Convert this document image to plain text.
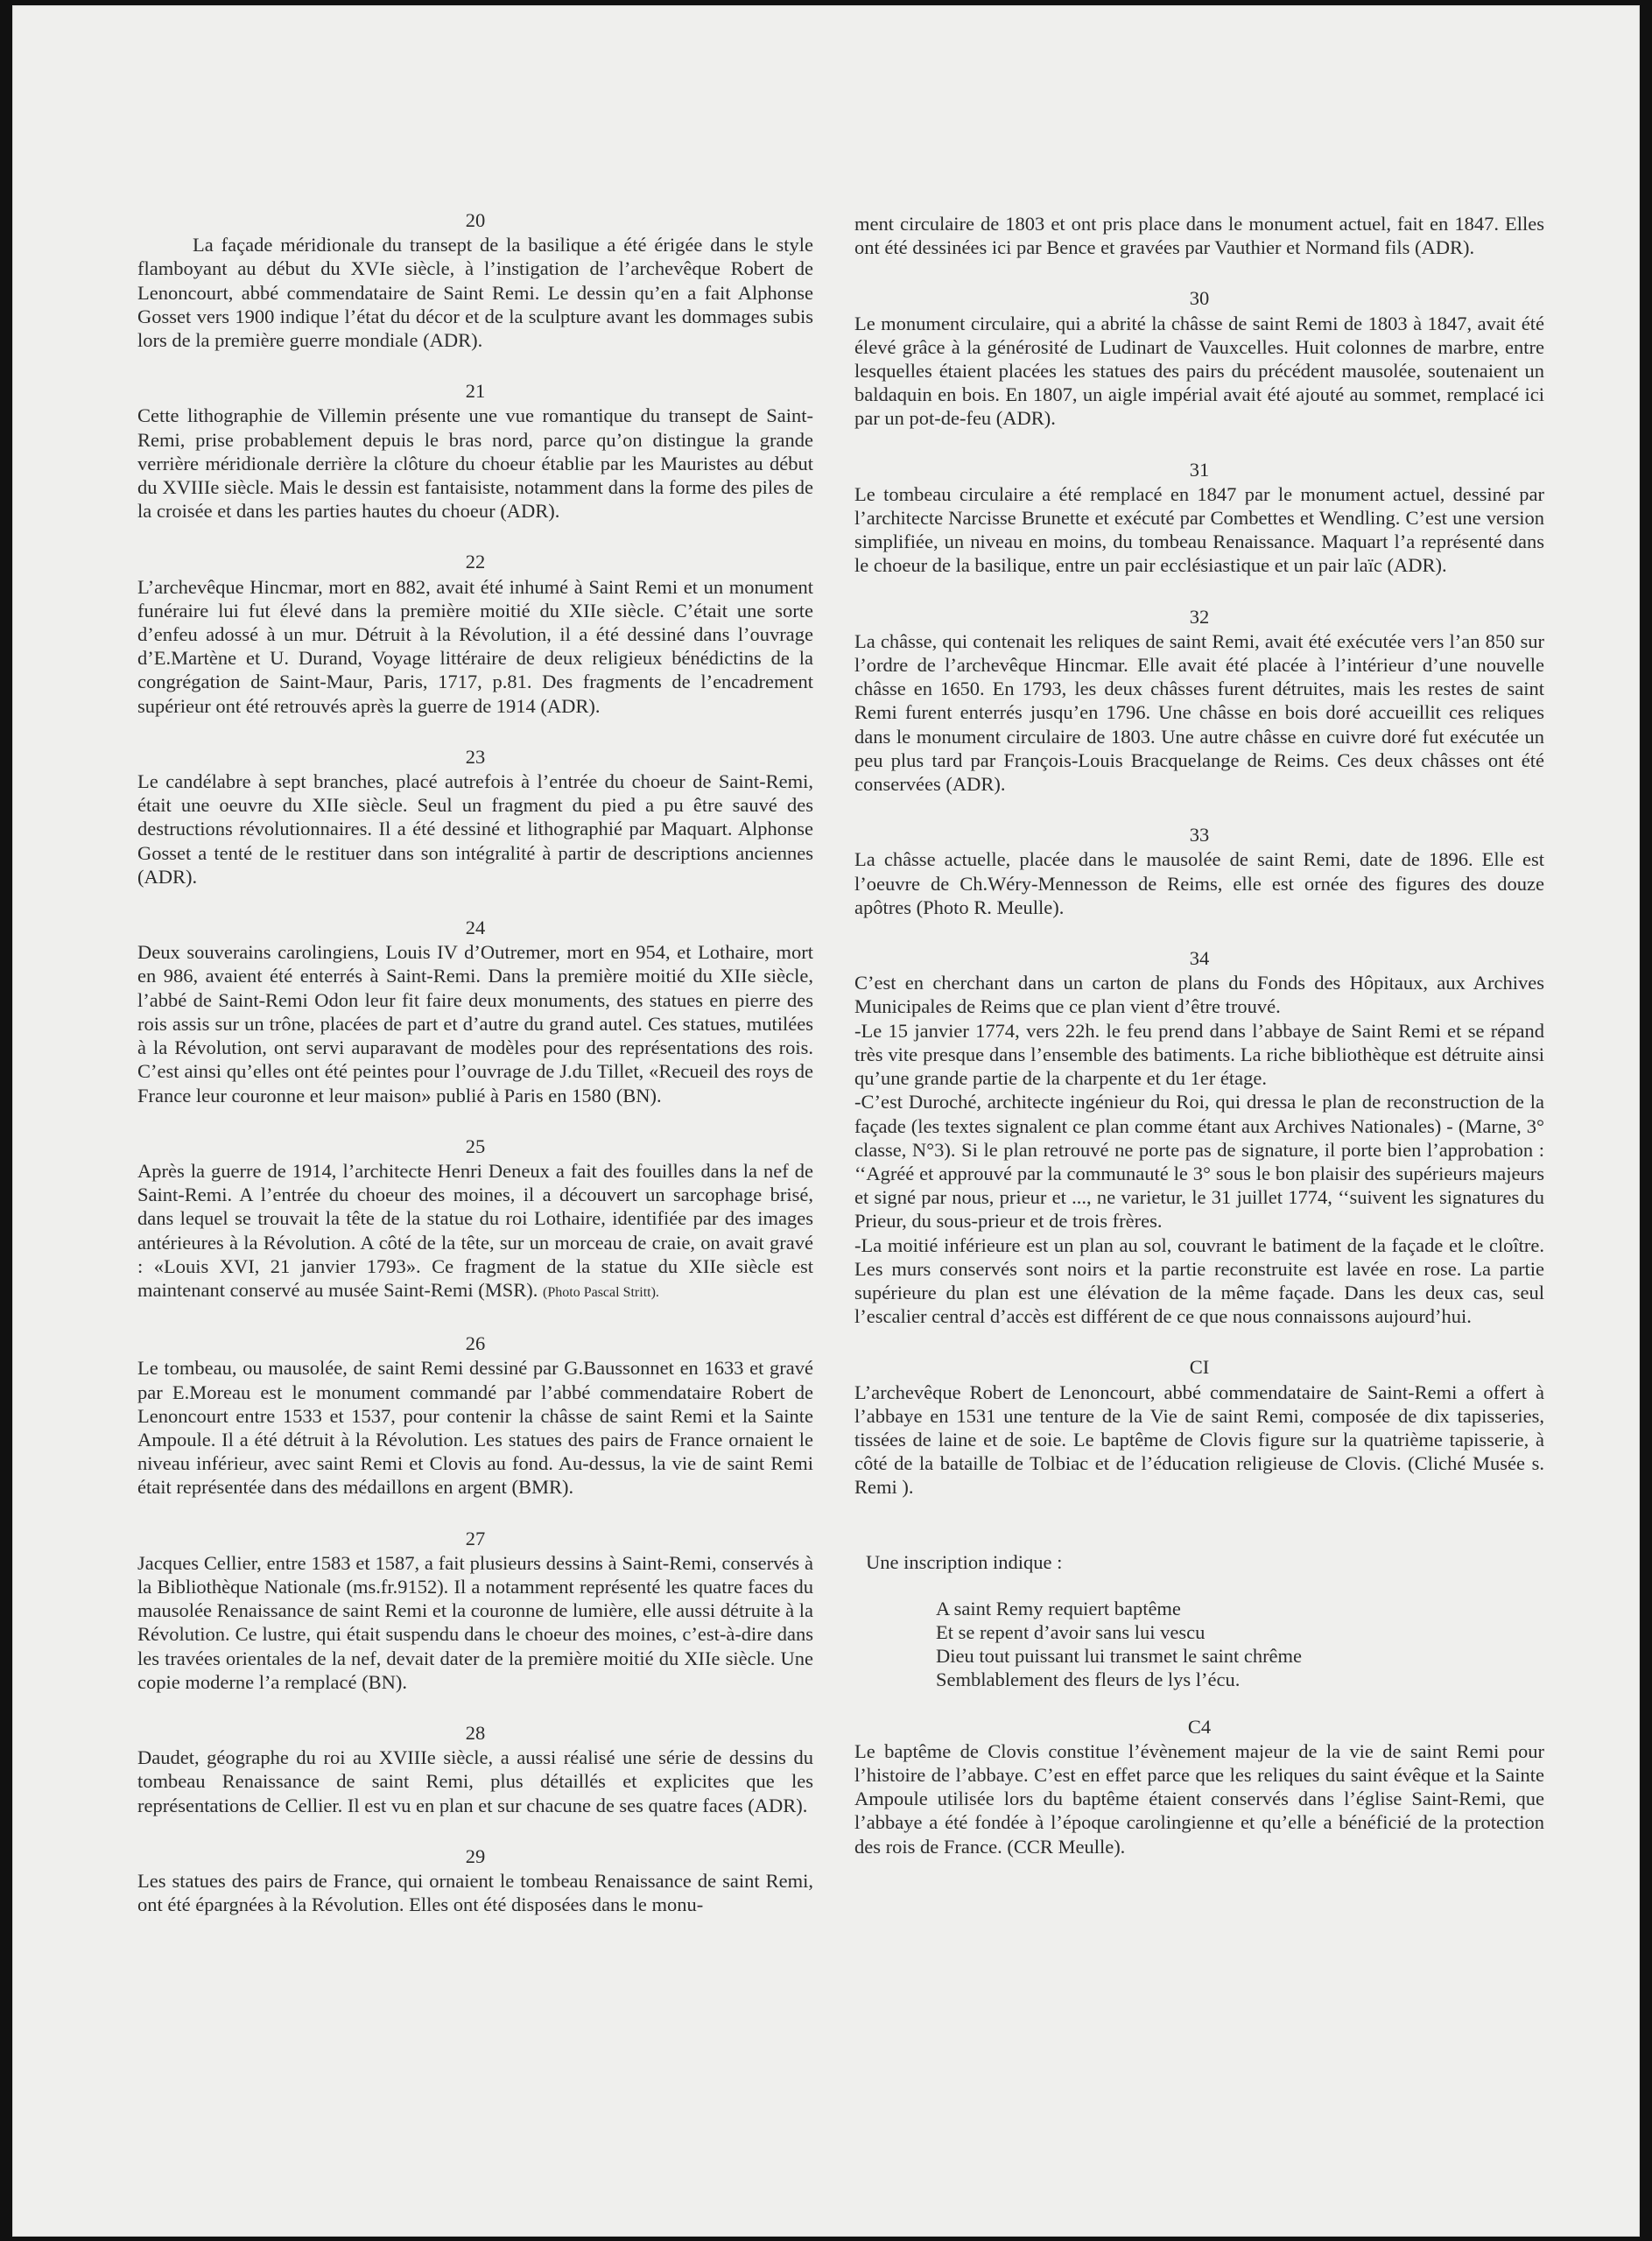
20
La façade méridionale du transept de la basilique a été érigée dans le style flamboyant au début du XVIe siècle, à l’instigation de l’archevêque Robert de Lenoncourt, abbé commendataire de Saint Remi. Le dessin qu’en a fait Alphonse Gosset vers 1900 indique l’état du décor et de la sculpture avant les dommages subis lors de la première guerre mondiale (ADR).
21
Cette lithographie de Villemin présente une vue romantique du transept de Saint-Remi, prise probablement depuis le bras nord, parce qu’on distingue la grande verrière méridionale derrière la clôture du choeur établie par les Mauristes au début du XVIIIe siècle. Mais le dessin est fantaisiste, notamment dans la forme des piles de la croisée et dans les parties hautes du choeur (ADR).
22
L’archevêque Hincmar, mort en 882, avait été inhumé à Saint Remi et un monument funéraire lui fut élevé dans la première moitié du XIIe siècle. C’était une sorte d’enfeu adossé à un mur. Détruit à la Révolution, il a été dessiné dans l’ouvrage d’E.Martène et U. Durand, Voyage littéraire de deux religieux bénédictins de la congrégation de Saint-Maur, Paris, 1717, p.81. Des fragments de l’encadrement supérieur ont été retrouvés après la guerre de 1914 (ADR).
23
Le candélabre à sept branches, placé autrefois à l’entrée du choeur de Saint-Remi, était une oeuvre du XIIe siècle. Seul un fragment du pied a pu être sauvé des destructions révolutionnaires. Il a été dessiné et lithographié par Maquart. Alphonse Gosset a tenté de le restituer dans son intégralité à partir de descriptions anciennes (ADR).
24
Deux souverains carolingiens, Louis IV d’Outremer, mort en 954, et Lothaire, mort en 986, avaient été enterrés à Saint-Remi. Dans la première moitié du XIIe siècle, l’abbé de Saint-Remi Odon leur fit faire deux monuments, des statues en pierre des rois assis sur un trône, placées de part et d’autre du grand autel. Ces statues, mutilées à la Révolution, ont servi auparavant de modèles pour des représentations des rois. C’est ainsi qu’elles ont été peintes pour l’ouvrage de J.du Tillet, «Recueil des roys de France leur couronne et leur maison» publié à Paris en 1580 (BN).
25
Après la guerre de 1914, l’architecte Henri Deneux a fait des fouilles dans la nef de Saint-Remi. A l’entrée du choeur des moines, il a découvert un sarcophage brisé, dans lequel se trouvait la tête de la statue du roi Lothaire, identifiée par des images antérieures à la Révolution. A côté de la tête, sur un morceau de craie, on avait gravé : «Louis XVI, 21 janvier 1793». Ce fragment de la statue du XIIe siècle est maintenant conservé au musée Saint-Remi (MSR). (Photo Pascal Stritt).
26
Le tombeau, ou mausolée, de saint Remi dessiné par G.Baussonnet en 1633 et gravé par E.Moreau est le monument commandé par l’abbé commendataire Robert de Lenoncourt entre 1533 et 1537, pour contenir la châsse de saint Remi et la Sainte Ampoule. Il a été détruit à la Révolution. Les statues des pairs de France ornaient le niveau inférieur, avec saint Remi et Clovis au fond. Au-dessus, la vie de saint Remi était représentée dans des médaillons en argent (BMR).
27
Jacques Cellier, entre 1583 et 1587, a fait plusieurs dessins à Saint-Remi, conservés à la Bibliothèque Nationale (ms.fr.9152). Il a notamment représenté les quatre faces du mausolée Renaissance de saint Remi et la couronne de lumière, elle aussi détruite à la Révolution. Ce lustre, qui était suspendu dans le choeur des moines, c’est-à-dire dans les travées orientales de la nef, devait dater de la première moitié du XIIe siècle. Une copie moderne l’a remplacé (BN).
28
Daudet, géographe du roi au XVIIIe siècle, a aussi réalisé une série de dessins du tombeau Renaissance de saint Remi, plus détaillés et explicites que les représentations de Cellier. Il est vu en plan et sur chacune de ses quatre faces (ADR).
29
Les statues des pairs de France, qui ornaient le tombeau Renaissance de saint Remi, ont été épargnées à la Révolution. Elles ont été disposées dans le monu-
ment circulaire de 1803 et ont pris place dans le monument actuel, fait en 1847. Elles ont été dessinées ici par Bence et gravées par Vauthier et Normand fils (ADR).
30
Le monument circulaire, qui a abrité la châsse de saint Remi de 1803 à 1847, avait été élevé grâce à la générosité de Ludinart de Vauxcelles. Huit colonnes de marbre, entre lesquelles étaient placées les statues des pairs du précédent mausolée, soutenaient un baldaquin en bois. En 1807, un aigle impérial avait été ajouté au sommet, remplacé ici par un pot-de-feu (ADR).
31
Le tombeau circulaire a été remplacé en 1847 par le monument actuel, dessiné par l’architecte Narcisse Brunette et exécuté par Combettes et Wendling. C’est une version simplifiée, un niveau en moins, du tombeau Renaissance. Maquart l’a représenté dans le choeur de la basilique, entre un pair ecclésiastique et un pair laïc (ADR).
32
La châsse, qui contenait les reliques de saint Remi, avait été exécutée vers l’an 850 sur l’ordre de l’archevêque Hincmar. Elle avait été placée à l’intérieur d’une nouvelle châsse en 1650. En 1793, les deux châsses furent détruites, mais les restes de saint Remi furent enterrés jusqu’en 1796. Une châsse en bois doré accueillit ces reliques dans le monument circulaire de 1803. Une autre châsse en cuivre doré fut exécutée un peu plus tard par François-Louis Bracquelange de Reims. Ces deux châsses ont été conservées (ADR).
33
La châsse actuelle, placée dans le mausolée de saint Remi, date de 1896. Elle est l’oeuvre de Ch.Wéry-Mennesson de Reims, elle est ornée des figures des douze apôtres (Photo R. Meulle).
34
C’est en cherchant dans un carton de plans du Fonds des Hôpitaux, aux Archives Municipales de Reims que ce plan vient d’être trouvé.
-Le 15 janvier 1774, vers 22h. le feu prend dans l’abbaye de Saint Remi et se répand très vite presque dans l’ensemble des batiments. La riche bibliothèque est détruite ainsi qu’une grande partie de la charpente et du 1er étage.
-C’est Duroché, architecte ingénieur du Roi, qui dressa le plan de reconstruction de la façade (les textes signalent ce plan comme étant aux Archives Nationales) - (Marne, 3° classe, N°3). Si le plan retrouvé ne porte pas de signature, il porte bien l’approbation : ‘‘Agréé et approuvé par la communauté le 3° sous le bon plaisir des supérieurs majeurs et signé par nous, prieur et ..., ne varietur, le 31 juillet 1774, ‘‘suivent les signatures du Prieur, du sous-prieur et de trois frères.
-La moitié inférieure est un plan au sol, couvrant le batiment de la façade et le cloître. Les murs conservés sont noirs et la partie reconstruite est lavée en rose. La partie supérieure du plan est une élévation de la même façade. Dans les deux cas, seul l’escalier central d’accès est différent de ce que nous connaissons aujourd’hui.
CI
L’archevêque Robert de Lenoncourt, abbé commendataire de Saint-Remi a offert à l’abbaye en 1531 une tenture de la Vie de saint Remi, composée de dix tapisseries, tissées de laine et de soie. Le baptême de Clovis figure sur la quatrième tapisserie, à côté de la bataille de Tolbiac et de l’éducation religieuse de Clovis. (Cliché Musée s. Remi ).
Une inscription indique :
A saint Remy requiert baptême
Et se repent d’avoir sans lui vescu
Dieu tout puissant lui transmet le saint chrême
Semblablement des fleurs de lys l’écu.
C4
Le baptême de Clovis constitue l’évènement majeur de la vie de saint Remi pour l’histoire de l’abbaye. C’est en effet parce que les reliques du saint évêque et la Sainte Ampoule utilisée lors du baptême étaient conservés dans l’église Saint-Remi, que l’abbaye a été fondée à l’époque carolingienne et qu’elle a bénéficié de la protection des rois de France. (CCR Meulle).
